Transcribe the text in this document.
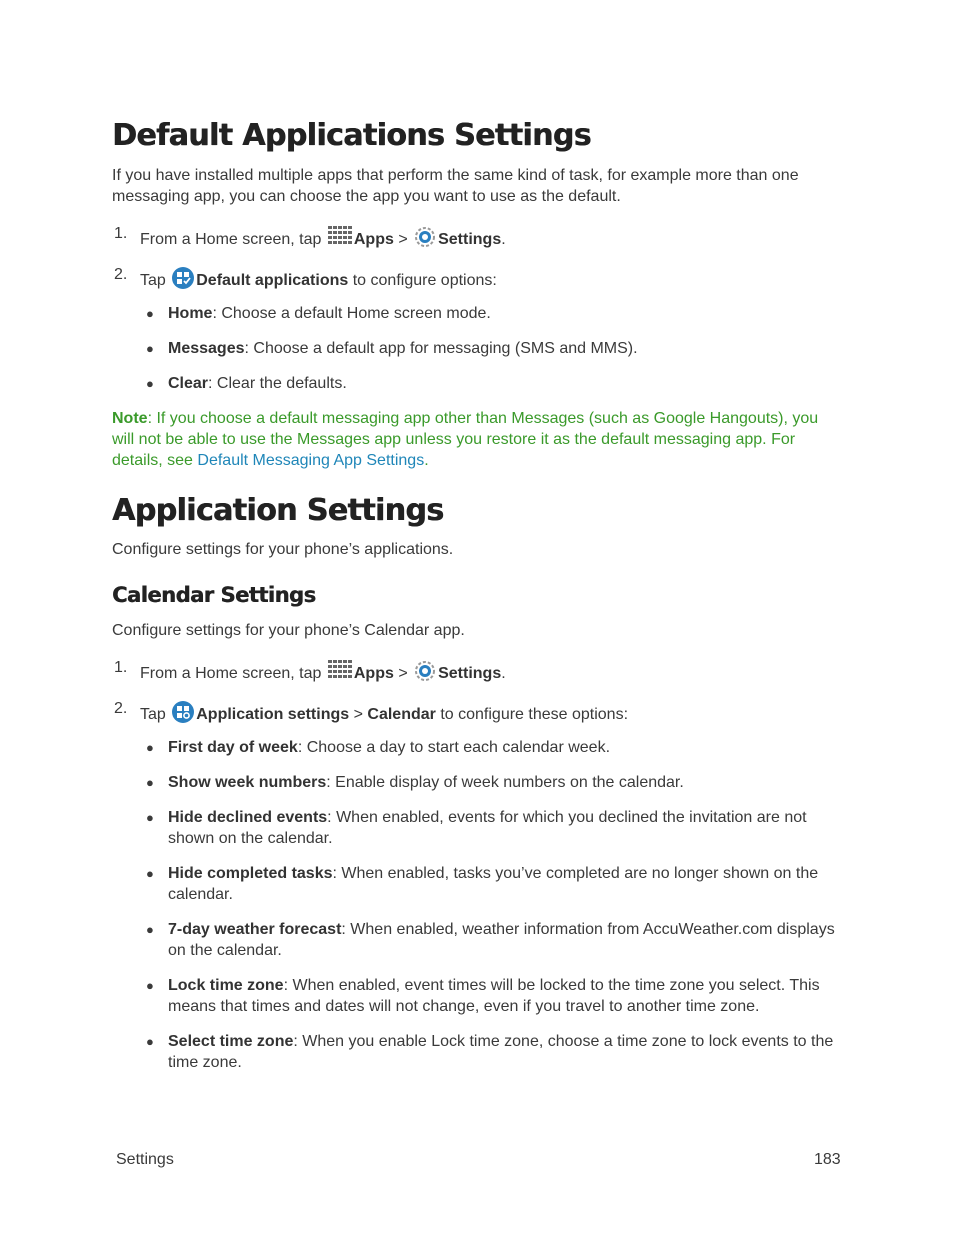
Default Applications Settings

If you have installed multiple apps that perform the same kind of task, for example more than one messaging app, you can choose the app you want to use as the default.

1. From a Home screen, tap Apps > Settings.
2. Tap Default applications to configure options:
● Home: Choose a default Home screen mode.
● Messages: Choose a default app for messaging (SMS and MMS).
● Clear: Clear the defaults.

Note: If you choose a default messaging app other than Messages (such as Google Hangouts), you will not be able to use the Messages app unless you restore it as the default messaging app. For details, see Default Messaging App Settings.

Application Settings

Configure settings for your phone’s applications.

Calendar Settings

Configure settings for your phone’s Calendar app.

1. From a Home screen, tap Apps > Settings.
2. Tap Application settings > Calendar to configure these options:
● First day of week: Choose a day to start each calendar week.
● Show week numbers: Enable display of week numbers on the calendar.
● Hide declined events: When enabled, events for which you declined the invitation are not shown on the calendar.
● Hide completed tasks: When enabled, tasks you’ve completed are no longer shown on the calendar.
● 7-day weather forecast: When enabled, weather information from AccuWeather.com displays on the calendar.
● Lock time zone: When enabled, event times will be locked to the time zone you select. This means that times and dates will not change, even if you travel to another time zone.
● Select time zone: When you enable Lock time zone, choose a time zone to lock events to the time zone.
Settings	183
